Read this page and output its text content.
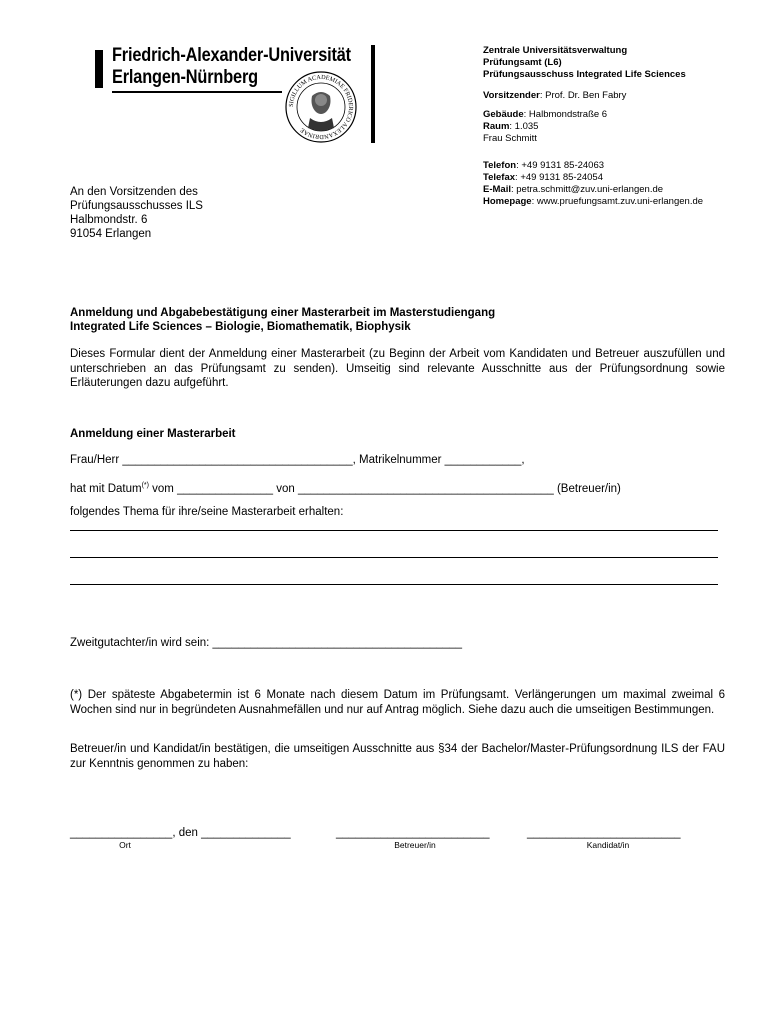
Friedrich-Alexander-Universität
Erlangen-Nürnberg
SIGILLUM ACADEMIAE FRIDERICO ALEXANDRINAE
Zentrale Universitätsverwaltung
Prüfungsamt (L6)
Prüfungsausschuss Integrated Life Sciences
Vorsitzender: Prof. Dr. Ben Fabry
Gebäude: Halbmondstraße 6
Raum: 1.035
Frau Schmitt
Telefon: +49 9131 85-24063
Telefax: +49 9131 85-24054
E-Mail: petra.schmitt@zuv.uni-erlangen.de
Homepage: www.pruefungsamt.zuv.uni-erlangen.de
An den Vorsitzenden des
Prüfungsausschusses ILS
Halbmondstr. 6
91054 Erlangen
Anmeldung und Abgabebestätigung einer Masterarbeit im Masterstudiengang
Integrated Life Sciences – Biologie, Biomathematik, Biophysik
Dieses Formular dient der Anmeldung einer Masterarbeit (zu Beginn der Arbeit vom Kandidaten und Betreuer auszufüllen und unterschrieben an das Prüfungsamt zu senden). Umseitig sind relevante Ausschnitte aus der Prüfungsordnung sowie Erläuterungen dazu aufgeführt.
Anmeldung einer Masterarbeit
Frau/Herr ____________________________________, Matrikelnummer ____________,
hat mit Datum(*) vom _______________ von ________________________________________ (Betreuer/in)
folgendes Thema für ihre/seine Masterarbeit erhalten:
Zweitgutachter/in wird sein: _______________________________________
(*) Der späteste Abgabetermin ist 6 Monate nach diesem Datum im Prüfungsamt. Verlängerungen um maximal zweimal 6 Wochen sind nur in begründeten Ausnahmefällen und nur auf Antrag möglich. Siehe dazu auch die umseitigen Bestimmungen.
Betreuer/in und Kandidat/in bestätigen, die umseitigen Ausschnitte aus §34 der Bachelor/Master-Prüfungsordnung ILS der FAU zur Kenntnis genommen zu haben:
________________, den ______________	________________________	________________________
Ort	Betreuer/in	Kandidat/in
